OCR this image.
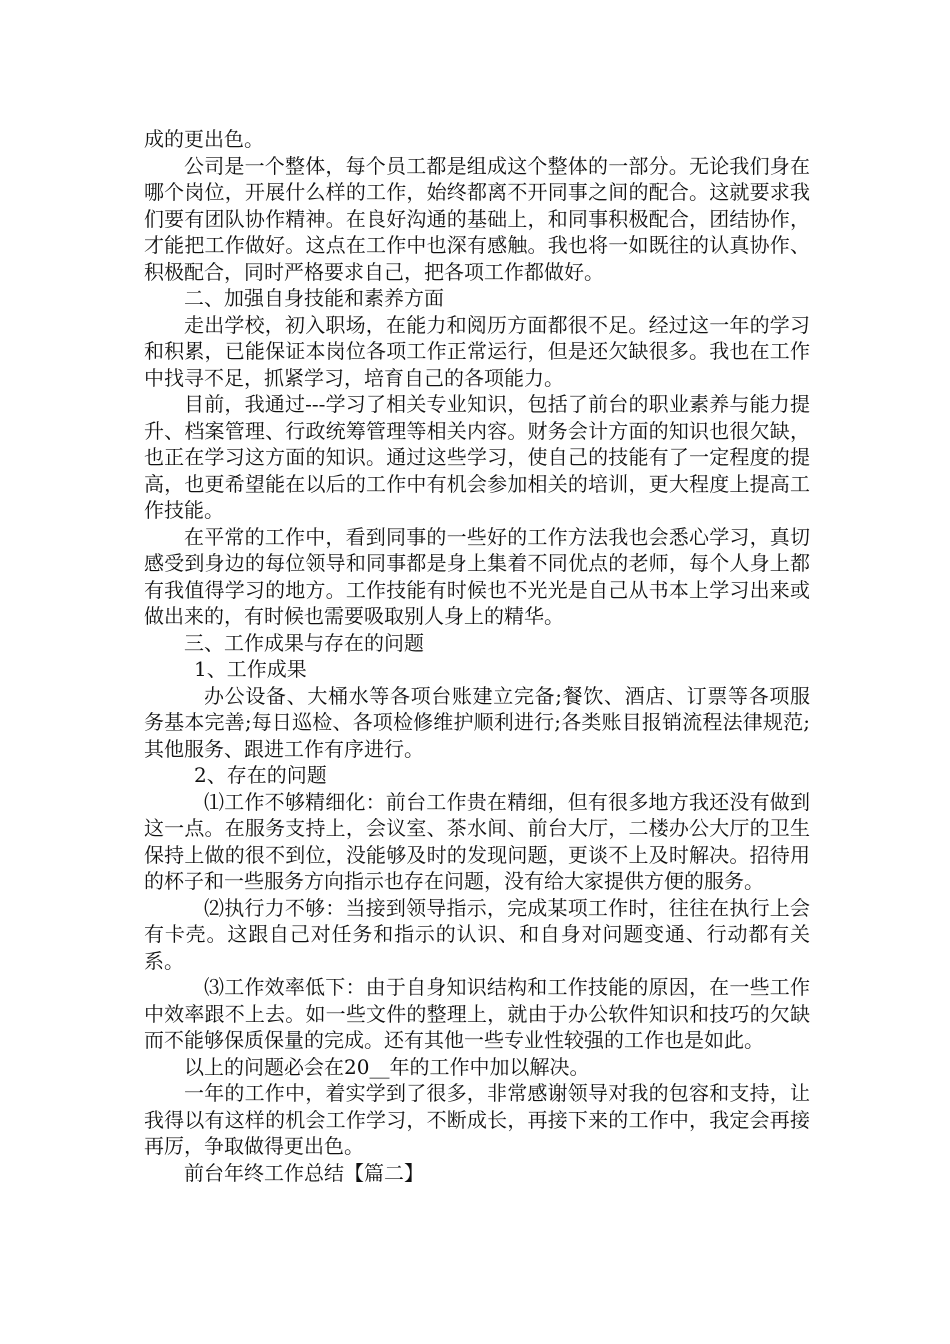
成的更出色。

公司是一个整体，每个员工都是组成这个整体的一部分。无论我们身在哪个岗位，开展什么样的工作，始终都离不开同事之间的配合。这就要求我们要有团队协作精神。在良好沟通的基础上，和同事积极配合，团结协作，才能把工作做好。这点在工作中也深有感触。我也将一如既往的认真协作、积极配合，同时严格要求自己，把各项工作都做好。

二、加强自身技能和素养方面

走出学校，初入职场，在能力和阅历方面都很不足。经过这一年的学习和积累，已能保证本岗位各项工作正常运行，但是还欠缺很多。我也在工作中找寻不足，抓紧学习，培育自己的各项能力。

目前，我通过---学习了相关专业知识，包括了前台的职业素养与能力提升、档案管理、行政统筹管理等相关内容。财务会计方面的知识也很欠缺，也正在学习这方面的知识。通过这些学习，使自己的技能有了一定程度的提高，也更希望能在以后的工作中有机会参加相关的培训，更大程度上提高工作技能。

在平常的工作中，看到同事的一些好的工作方法我也会悉心学习，真切感受到身边的每位领导和同事都是身上集着不同优点的老师，每个人身上都有我值得学习的地方。工作技能有时候也不光光是自己从书本上学习出来或做出来的，有时候也需要吸取别人身上的精华。

三、工作成果与存在的问题

1、工作成果

办公设备、大桶水等各项台账建立完备;餐饮、酒店、订票等各项服务基本完善;每日巡检、各项检修维护顺利进行;各类账目报销流程法律规范;其他服务、跟进工作有序进行。

2、存在的问题

⑴工作不够精细化：前台工作贵在精细，但有很多地方我还没有做到这一点。在服务支持上，会议室、茶水间、前台大厅，二楼办公大厅的卫生保持上做的很不到位，没能够及时的发现问题，更谈不上及时解决。招待用的杯子和一些服务方向指示也存在问题，没有给大家提供方便的服务。

⑵执行力不够：当接到领导指示，完成某项工作时，往往在执行上会有卡壳。这跟自己对任务和指示的认识、和自身对问题变通、行动都有关系。

⑶工作效率低下：由于自身知识结构和工作技能的原因，在一些工作中效率跟不上去。如一些文件的整理上，就由于办公软件知识和技巧的欠缺而不能够保质保量的完成。还有其他一些专业性较强的工作也是如此。

以上的问题必会在20__年的工作中加以解决。

一年的工作中，着实学到了很多，非常感谢领导对我的包容和支持，让我得以有这样的机会工作学习，不断成长，再接下来的工作中，我定会再接再厉，争取做得更出色。

前台年终工作总结【篇二】
